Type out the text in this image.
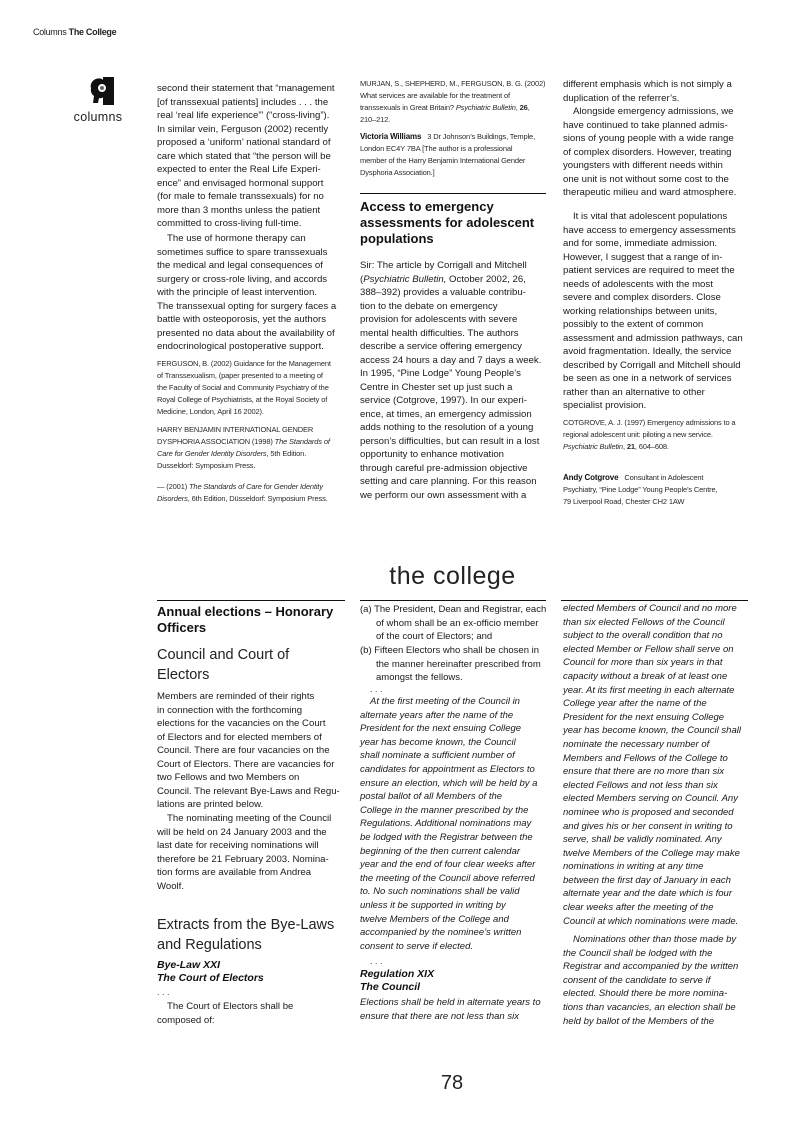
Columns The College
columns
second their statement that “management
[of transsexual patients] includes . . . the
real ‘real life experience”’ (“cross-living”).
In similar vein, Ferguson (2002) recently
proposed a ‘uniform’ national standard of
care which stated that “the person will be
expected to enter the Real Life Experi-
ence” and envisaged hormonal support
(for male to female transsexuals) for no
more than 3 months unless the patient
committed to cross-living full-time.
The use of hormone therapy can
sometimes suffice to spare transsexuals
the medical and legal consequences of
surgery or cross-role living, and accords
with the principle of least intervention.
The transsexual opting for surgery faces a
battle with osteoporosis, yet the authors
presented no data about the availability of
endocrinological postoperative support.
FERGUSON, B. (2002) Guidance for the Management
of Transsexualism, (paper presented to a meeting of
the Faculty of Social and Community Psychiatry of the
Royal College of Psychiatrists, at the Royal Society of
Medicine, London, April 16 2002).
HARRY BENJAMIN INTERNATIONAL GENDER
DYSPHORIA ASSOCIATION (1998) The Standards of
Care for Gender Identity Disorders, 5th Edition.
Dusseldorf: Symposium Press.
— (2001) The Standards of Care for Gender Identity
Disorders, 6th Edition, Düsseldorf: Symposium Press.
MURJAN, S., SHEPHERD, M., FERGUSON, B. G. (2002)
What services are available for the treatment of
transsexuals in Great Britain? Psychiatric Bulletin, 26,
210–212.
Victoria Williams 3 Dr Johnson’s Buildings, Temple,
London EC4Y 7BA [The author is a professional
member of the Harry Benjamin International Gender
Dysphoria Association.]
Access to emergency
assessments for adolescent
populations
Sir: The article by Corrigall and Mitchell
(Psychiatric Bulletin, October 2002, 26,
388–392) provides a valuable contribu-
tion to the debate on emergency
provision for adolescents with severe
mental health difficulties. The authors
describe a service offering emergency
access 24 hours a day and 7 days a week.
In 1995, “Pine Lodge” Young People’s
Centre in Chester set up just such a
service (Cotgrove, 1997). In our experi-
ence, at times, an emergency admission
adds nothing to the resolution of a young
person’s difficulties, but can result in a lost
opportunity to enhance motivation
through careful pre-admission objective
setting and care planning. For this reason
we perform our own assessment with a
different emphasis which is not simply a
duplication of the referrer’s.
Alongside emergency admissions, we
have continued to take planned admis-
sions of young people with a wide range
of complex disorders. However, treating
youngsters with different needs within
one unit is not without some cost to the
therapeutic milieu and ward atmosphere.
It is vital that adolescent populations
have access to emergency assessments
and for some, immediate admission.
However, I suggest that a range of in-
patient services are required to meet the
needs of adolescents with the most
severe and complex disorders. Close
working relationships between units,
possibly to the extent of common
assessment and admission pathways, can
avoid fragmentation. Ideally, the service
described by Corrigall and Mitchell should
be seen as one in a network of services
rather than an alternative to other
specialist provision.
COTGROVE, A. J. (1997) Emergency admissions to a
regional adolescent unit: piloting a new service.
Psychiatric Bulletin, 21, 604–608.
Andy Cotgrove Consultant in Adolescent
Psychiatry, “Pine Lodge” Young People’s Centre,
79 Liverpool Road, Chester CH2 1AW
the college
Annual elections – Honorary
Officers
Council and Court of
Electors
Members are reminded of their rights
in connection with the forthcoming
elections for the vacancies on the Court
of Electors and for elected members of
Council. There are four vacancies on the
Court of Electors. There are vacancies for
two Fellows and two Members on
Council. The relevant Bye-Laws and Regu-
lations are printed below.
The nominating meeting of the Council
will be held on 24 January 2003 and the
last date for receiving nominations will
therefore be 21 February 2003. Nomina-
tion forms are available from Andrea
Woolf.
Extracts from the Bye-Laws
and Regulations
Bye-Law XXI
The Court of Electors
. . .
The Court of Electors shall be
composed of:
(a) The President, Dean and Registrar, each
of whom shall be an ex-officio member
of the court of Electors; and
(b) Fifteen Electors who shall be chosen in
the manner hereinafter prescribed from
amongst the fellows.
. . .
At the first meeting of the Council in
alternate years after the name of the
President for the next ensuing College
year has become known, the Council
shall nominate a sufficient number of
candidates for appointment as Electors to
ensure an election, which will be held by a
postal ballot of all Members of the
College in the manner prescribed by the
Regulations. Additional nominations may
be lodged with the Registrar between the
beginning of the then current calendar
year and the end of four clear weeks after
the meeting of the Council above referred
to. No such nominations shall be valid
unless it be supported in writing by
twelve Members of the College and
accompanied by the nominee’s written
consent to serve if elected.
. . .
Regulation XIX
The Council
Elections shall be held in alternate years to
ensure that there are not less than six
elected Members of Council and no more
than six elected Fellows of the Council
subject to the overall condition that no
elected Member or Fellow shall serve on
Council for more than six years in that
capacity without a break of at least one
year. At its first meeting in each alternate
College year after the name of the
President for the next ensuing College
year has become known, the Council shall
nominate the necessary number of
Members and Fellows of the College to
ensure that there are no more than six
elected Fellows and not less than six
elected Members serving on Council. Any
nominee who is proposed and seconded
and gives his or her consent in writing to
serve, shall be validly nominated. Any
twelve Members of the College may make
nominations in writing at any time
between the first day of January in each
alternate year and the date which is four
clear weeks after the meeting of the
Council at which nominations were made.
Nominations other than those made by
the Council shall be lodged with the
Registrar and accompanied by the written
consent of the candidate to serve if
elected. Should there be more nomina-
tions than vacancies, an election shall be
held by ballot of the Members of the
78
